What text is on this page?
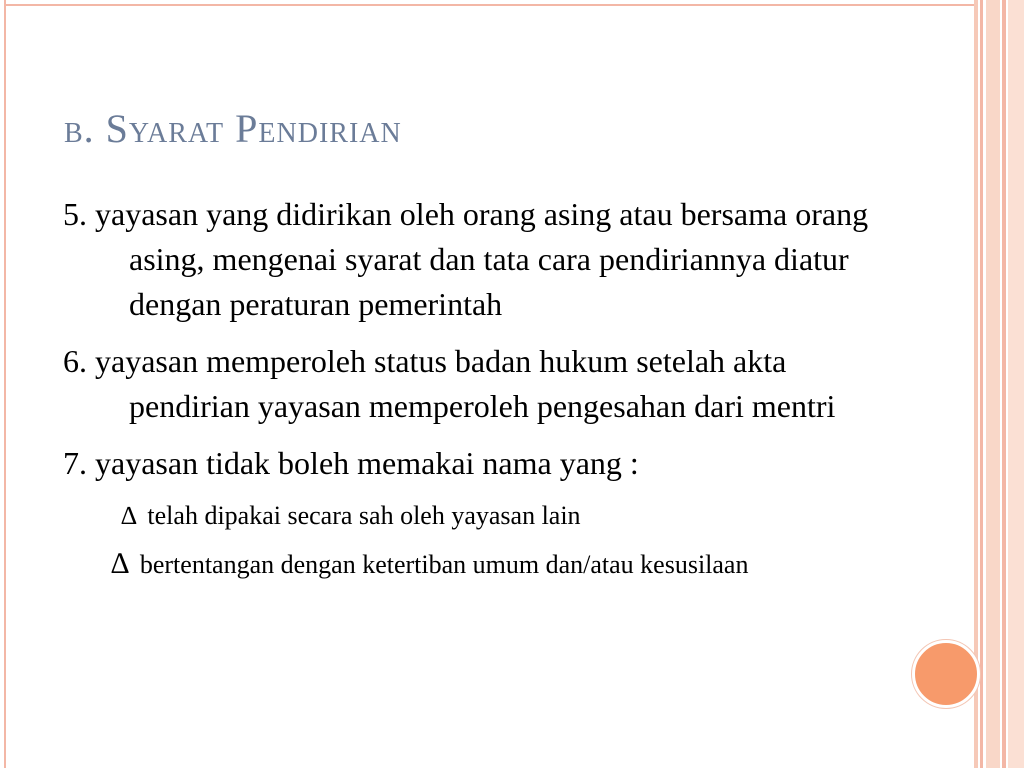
b. Syarat Pendirian
5. yayasan yang didirikan oleh orang asing atau bersama orang asing, mengenai syarat dan tata cara pendiriannya diatur dengan peraturan pemerintah
6. yayasan memperoleh status badan hukum setelah akta pendirian yayasan memperoleh pengesahan dari mentri
7. yayasan tidak boleh memakai nama yang :
∆ telah dipakai secara sah oleh yayasan lain
∆ bertentangan dengan ketertiban umum dan/atau kesusilaan
